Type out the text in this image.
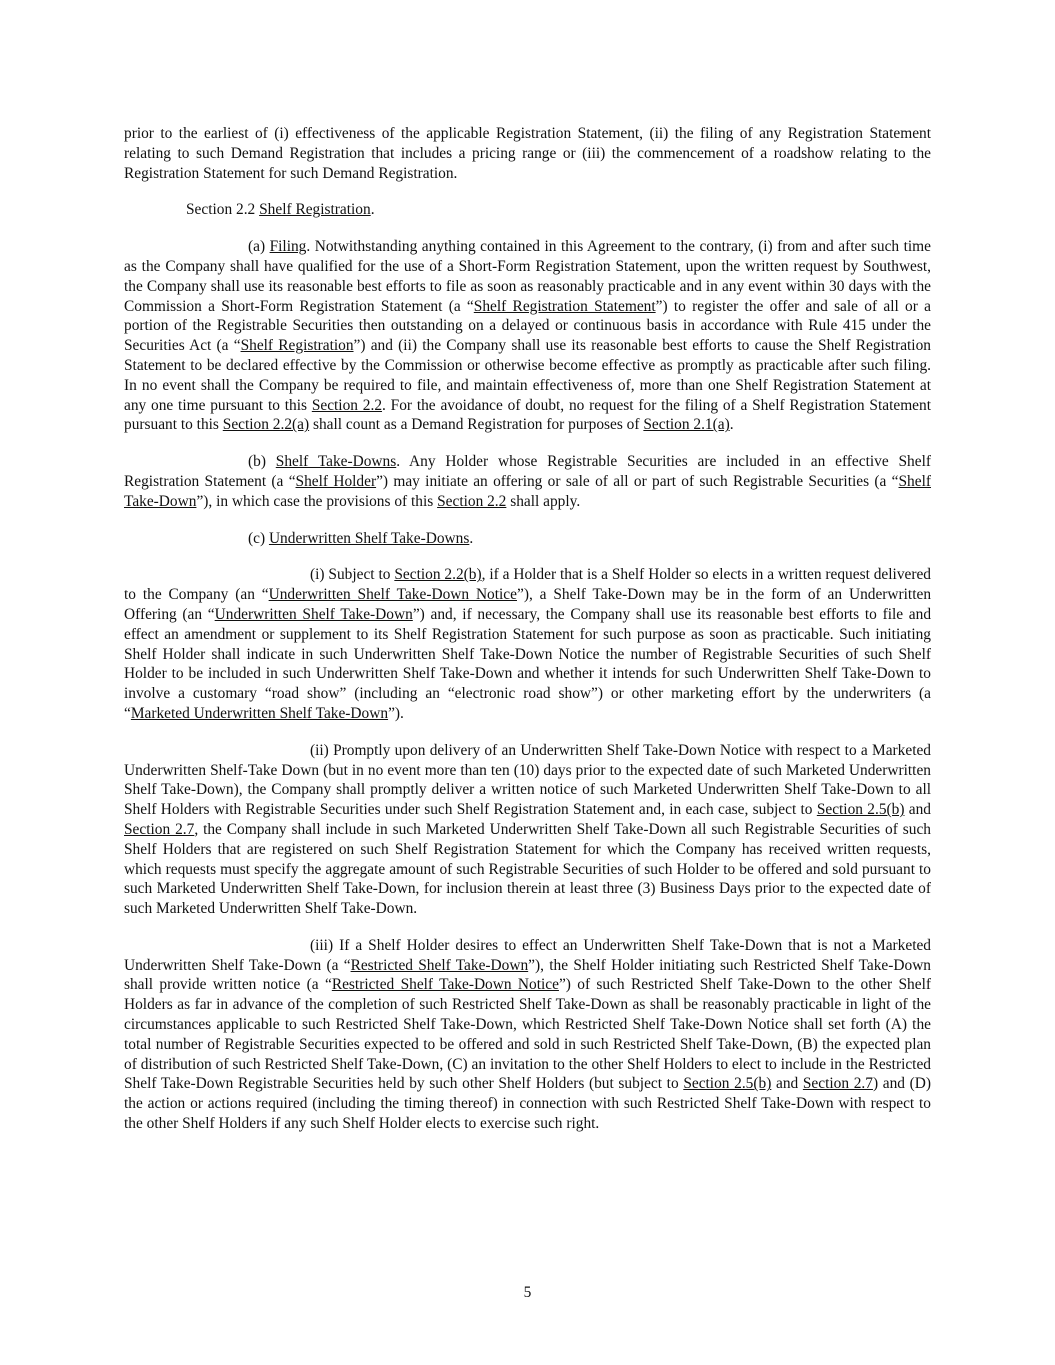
prior to the earliest of (i) effectiveness of the applicable Registration Statement, (ii) the filing of any Registration Statement relating to such Demand Registration that includes a pricing range or (iii) the commencement of a roadshow relating to the Registration Statement for such Demand Registration.

Section 2.2 Shelf Registration.

(a) Filing. Notwithstanding anything contained in this Agreement to the contrary, (i) from and after such time as the Company shall have qualified for the use of a Short-Form Registration Statement, upon the written request by Southwest, the Company shall use its reasonable best efforts to file as soon as reasonably practicable and in any event within 30 days with the Commission a Short-Form Registration Statement (a “Shelf Registration Statement”) to register the offer and sale of all or a portion of the Registrable Securities then outstanding on a delayed or continuous basis in accordance with Rule 415 under the Securities Act (a “Shelf Registration”) and (ii) the Company shall use its reasonable best efforts to cause the Shelf Registration Statement to be declared effective by the Commission or otherwise become effective as promptly as practicable after such filing. In no event shall the Company be required to file, and maintain effectiveness of, more than one Shelf Registration Statement at any one time pursuant to this Section 2.2. For the avoidance of doubt, no request for the filing of a Shelf Registration Statement pursuant to this Section 2.2(a) shall count as a Demand Registration for purposes of Section 2.1(a).

(b) Shelf Take-Downs. Any Holder whose Registrable Securities are included in an effective Shelf Registration Statement (a “Shelf Holder”) may initiate an offering or sale of all or part of such Registrable Securities (a “Shelf Take-Down”), in which case the provisions of this Section 2.2 shall apply.

(c) Underwritten Shelf Take-Downs.

(i) Subject to Section 2.2(b), if a Holder that is a Shelf Holder so elects in a written request delivered to the Company (an “Underwritten Shelf Take-Down Notice”), a Shelf Take-Down may be in the form of an Underwritten Offering (an “Underwritten Shelf Take-Down”) and, if necessary, the Company shall use its reasonable best efforts to file and effect an amendment or supplement to its Shelf Registration Statement for such purpose as soon as practicable. Such initiating Shelf Holder shall indicate in such Underwritten Shelf Take-Down Notice the number of Registrable Securities of such Shelf Holder to be included in such Underwritten Shelf Take-Down and whether it intends for such Underwritten Shelf Take-Down to involve a customary “road show” (including an “electronic road show”) or other marketing effort by the underwriters (a “Marketed Underwritten Shelf Take-Down”).

(ii) Promptly upon delivery of an Underwritten Shelf Take-Down Notice with respect to a Marketed Underwritten Shelf-Take Down (but in no event more than ten (10) days prior to the expected date of such Marketed Underwritten Shelf Take-Down), the Company shall promptly deliver a written notice of such Marketed Underwritten Shelf Take-Down to all Shelf Holders with Registrable Securities under such Shelf Registration Statement and, in each case, subject to Section 2.5(b) and Section 2.7, the Company shall include in such Marketed Underwritten Shelf Take-Down all such Registrable Securities of such Shelf Holders that are registered on such Shelf Registration Statement for which the Company has received written requests, which requests must specify the aggregate amount of such Registrable Securities of such Holder to be offered and sold pursuant to such Marketed Underwritten Shelf Take-Down, for inclusion therein at least three (3) Business Days prior to the expected date of such Marketed Underwritten Shelf Take-Down.

(iii) If a Shelf Holder desires to effect an Underwritten Shelf Take-Down that is not a Marketed Underwritten Shelf Take-Down (a “Restricted Shelf Take-Down”), the Shelf Holder initiating such Restricted Shelf Take-Down shall provide written notice (a “Restricted Shelf Take-Down Notice”) of such Restricted Shelf Take-Down to the other Shelf Holders as far in advance of the completion of such Restricted Shelf Take-Down as shall be reasonably practicable in light of the circumstances applicable to such Restricted Shelf Take-Down, which Restricted Shelf Take-Down Notice shall set forth (A) the total number of Registrable Securities expected to be offered and sold in such Restricted Shelf Take-Down, (B) the expected plan of distribution of such Restricted Shelf Take-Down, (C) an invitation to the other Shelf Holders to elect to include in the Restricted Shelf Take-Down Registrable Securities held by such other Shelf Holders (but subject to Section 2.5(b) and Section 2.7) and (D) the action or actions required (including the timing thereof) in connection with such Restricted Shelf Take-Down with respect to the other Shelf Holders if any such Shelf Holder elects to exercise such right.

5
